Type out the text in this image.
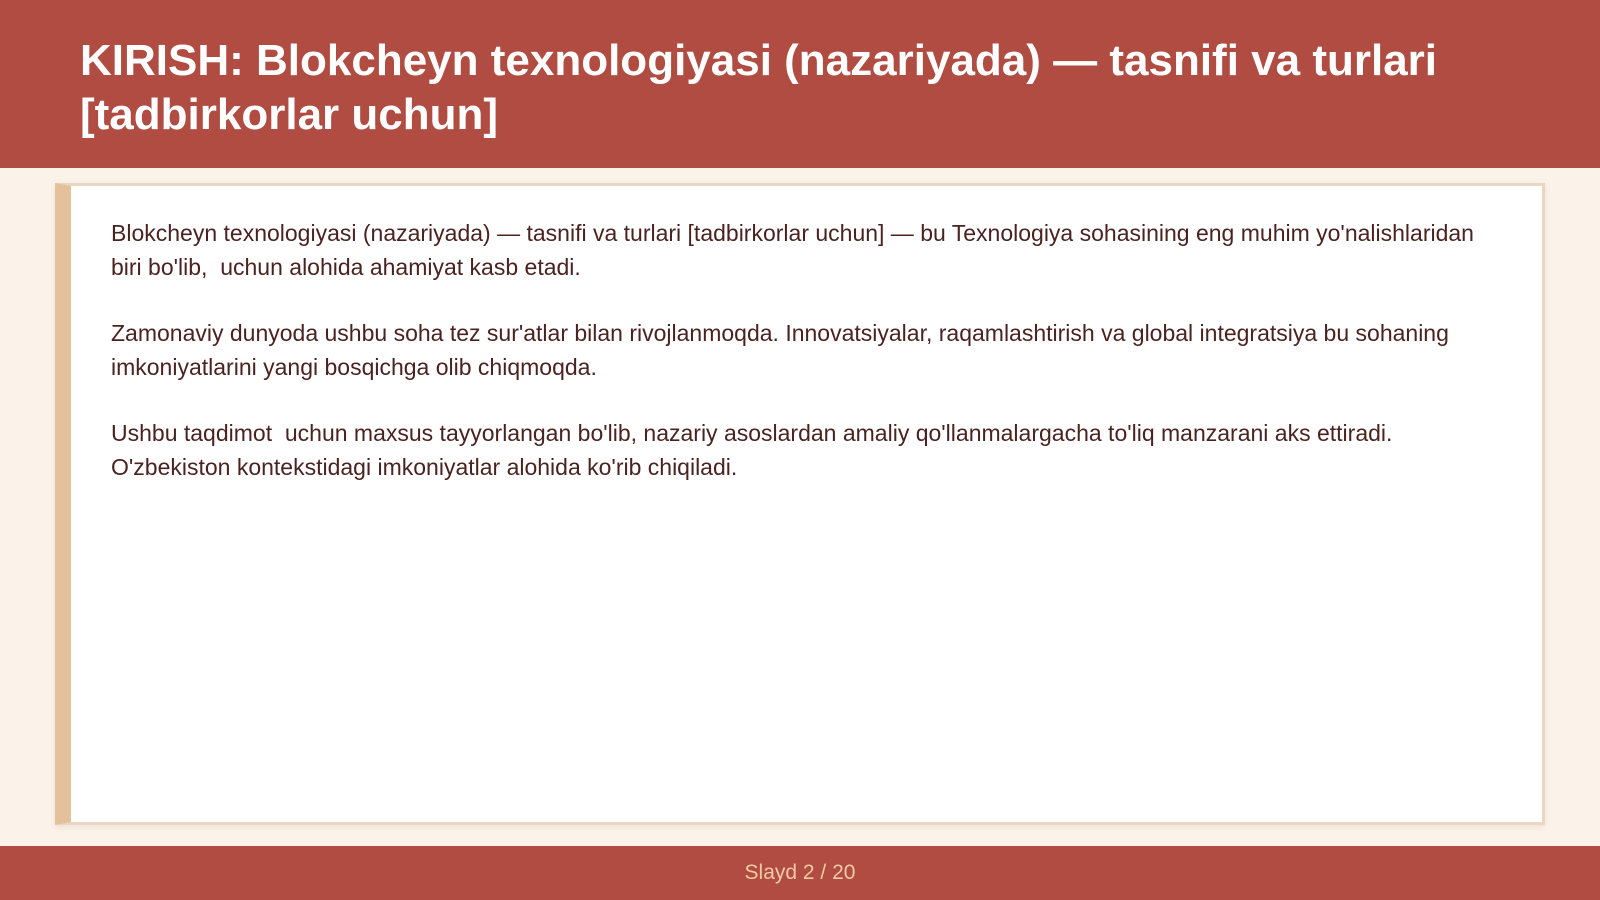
KIRISH: Blokcheyn texnologiyasi (nazariyada) — tasnifi va turlari [tadbirkorlar uchun]

Blokcheyn texnologiyasi (nazariyada) — tasnifi va turlari [tadbirkorlar uchun] — bu Texnologiya sohasining eng muhim yo'nalishlaridan biri bo'lib,  uchun alohida ahamiyat kasb etadi.

Zamonaviy dunyoda ushbu soha tez sur'atlar bilan rivojlanmoqda. Innovatsiyalar, raqamlashtirish va global integratsiya bu sohaning imkoniyatlarini yangi bosqichga olib chiqmoqda.

Ushbu taqdimot  uchun maxsus tayyorlangan bo'lib, nazariy asoslardan amaliy qo'llanmalargacha to'liq manzarani aks ettiradi. O'zbekiston kontekstidagi imkoniyatlar alohida ko'rib chiqiladi.

Slayd 2 / 20
